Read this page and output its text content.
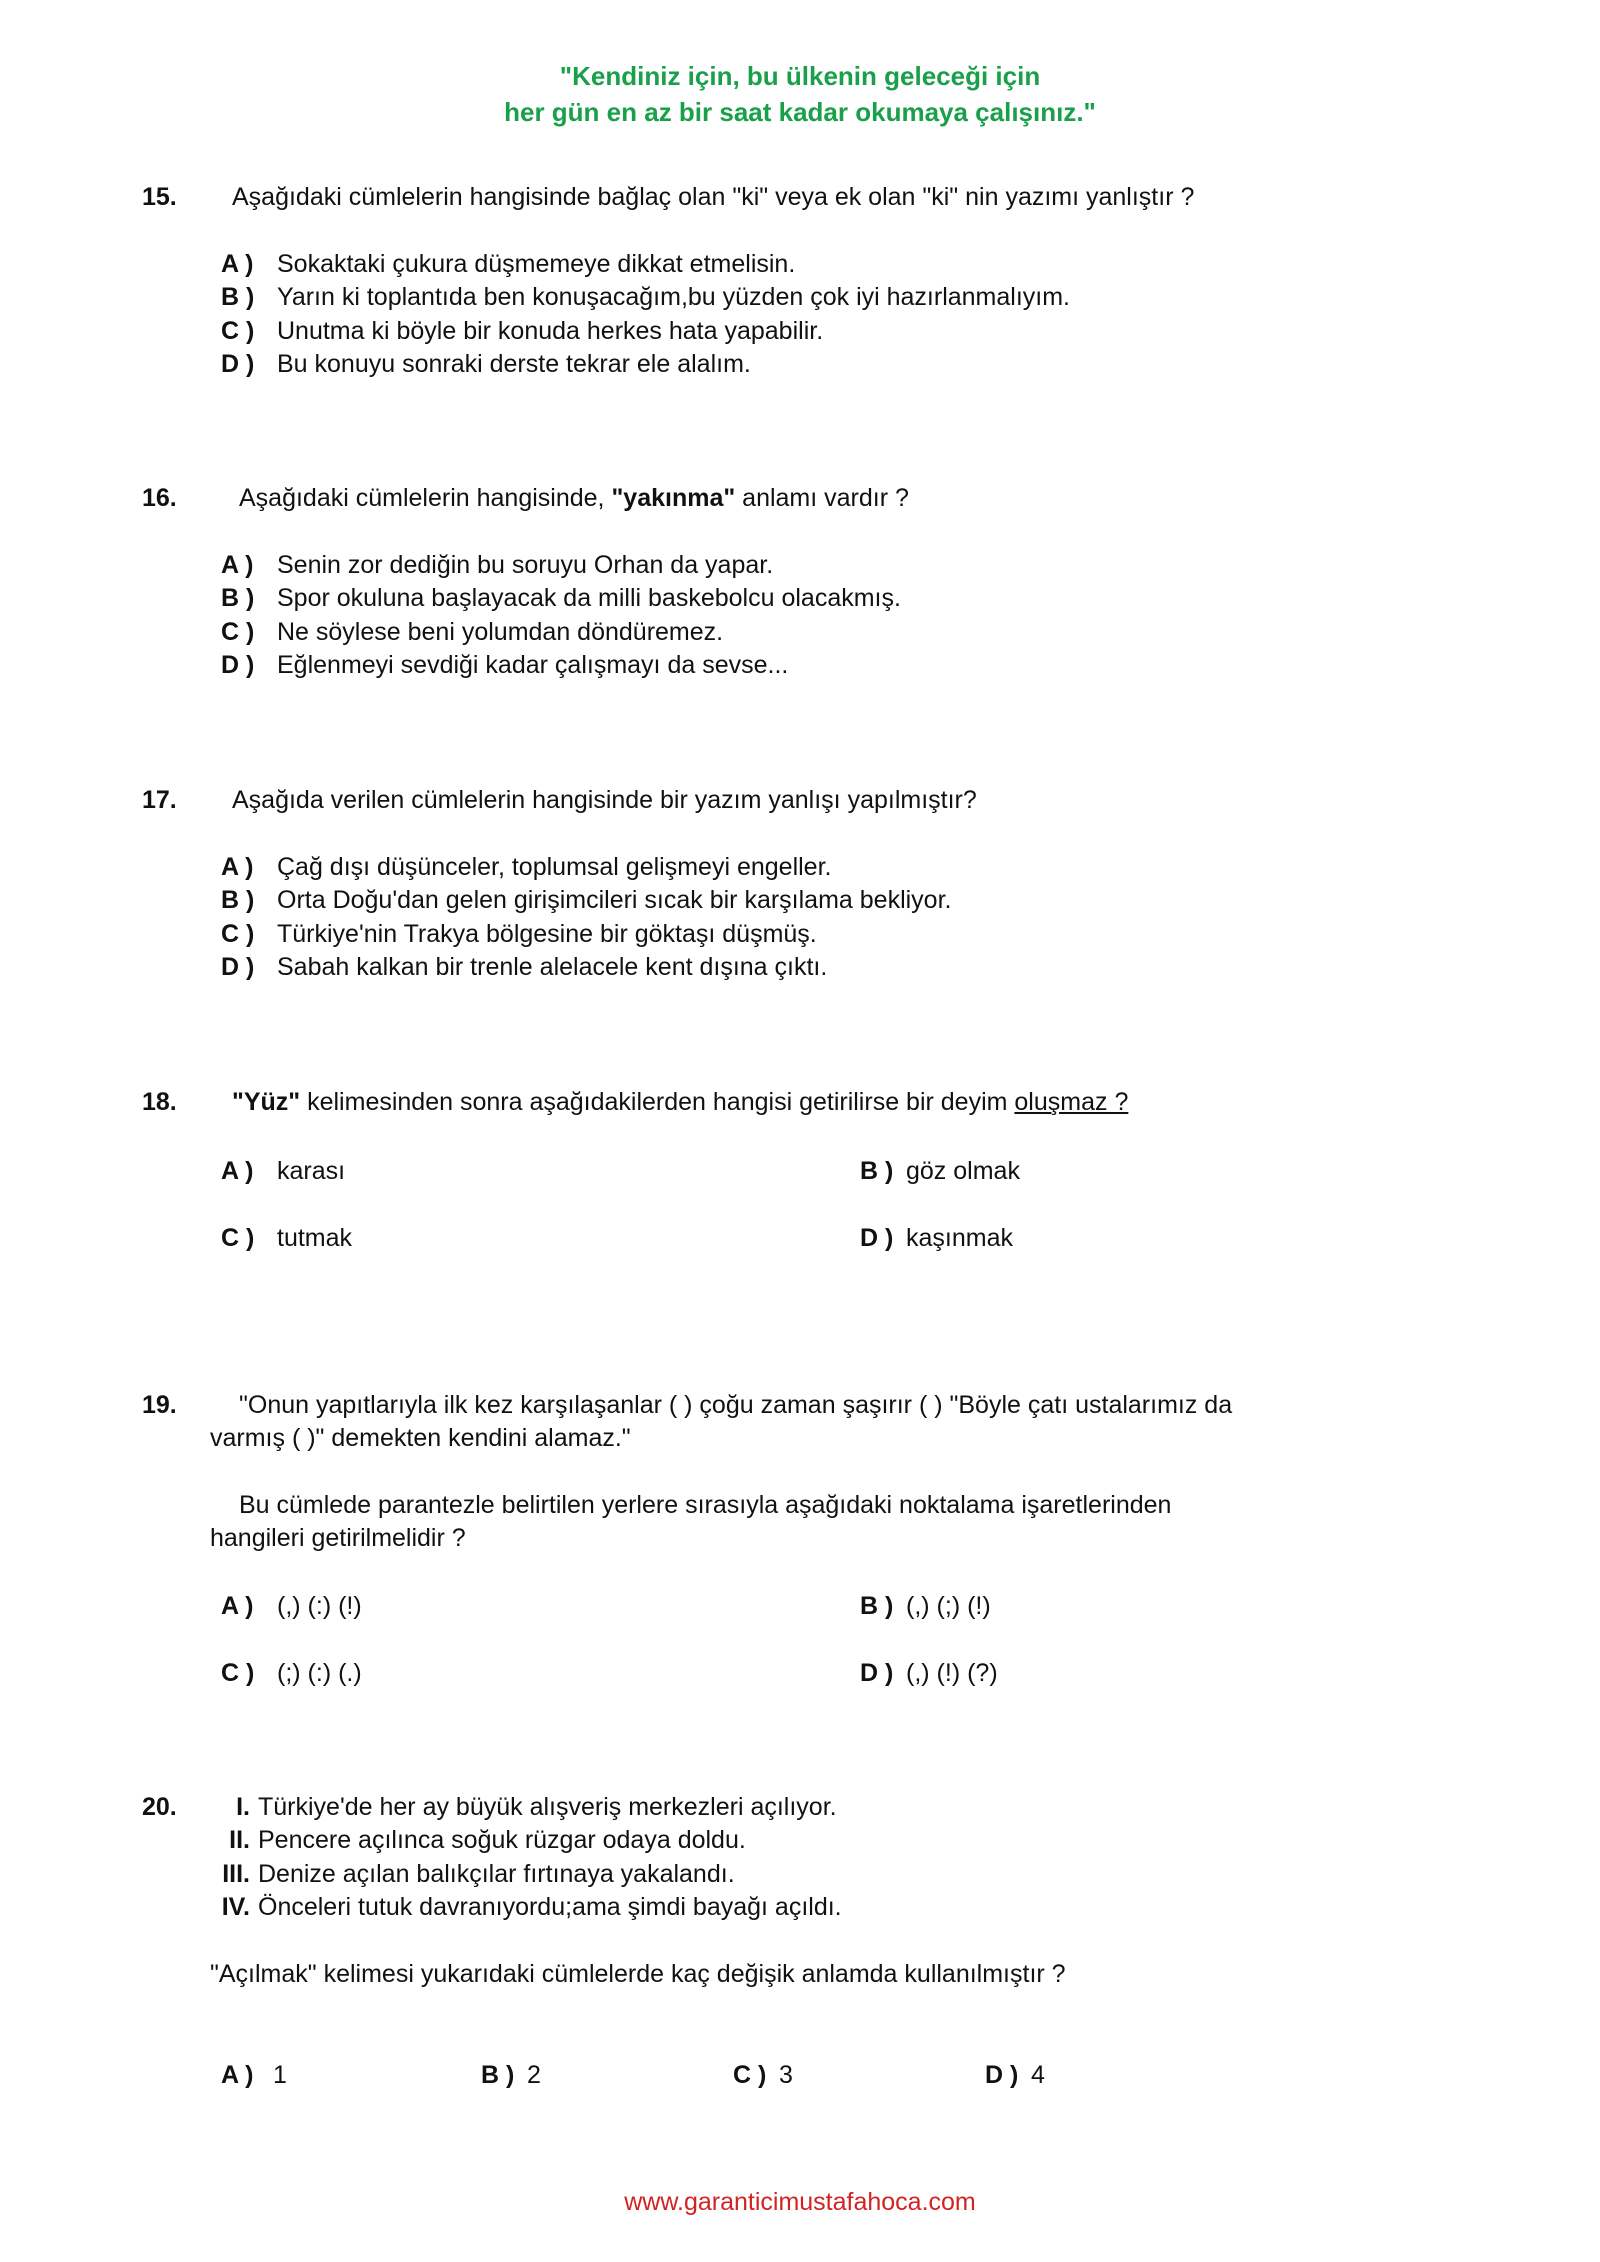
"Kendiniz için, bu ülkenin geleceği için
her gün en az bir saat kadar okumaya çalışınız."
15. Aşağıdaki cümlelerin hangisinde bağlaç olan "ki" veya ek olan "ki" nin yazımı yanlıştır ?
A ) Sokaktaki çukura düşmemeye dikkat etmelisin.
B ) Yarın ki toplantıda ben konuşacağım,bu yüzden çok iyi hazırlanmalıyım.
C ) Unutma ki böyle bir konuda herkes hata yapabilir.
D ) Bu konuyu sonraki derste tekrar ele alalım.
16. Aşağıdaki cümlelerin hangisinde, "yakınma" anlamı vardır ?
A ) Senin zor dediğin bu soruyu Orhan da yapar.
B ) Spor okuluna başlayacak da milli baskebolcu olacakmış.
C ) Ne söylese beni yolumdan döndüremez.
D ) Eğlenmeyi sevdiği kadar çalışmayı da sevse...
17. Aşağıda verilen cümlelerin hangisinde bir yazım yanlışı yapılmıştır?
A ) Çağ dışı düşünceler, toplumsal gelişmeyi engeller.
B ) Orta Doğu'dan gelen girişimcileri sıcak bir karşılama bekliyor.
C ) Türkiye'nin Trakya bölgesine bir göktaşı düşmüş.
D ) Sabah kalkan bir trenle alelacele kent dışına çıktı.
18. "Yüz" kelimesinden sonra aşağıdakilerden hangisi getirilirse bir deyim oluşmaz ?
A ) karası	B ) göz olmak
C ) tutmak	D ) kaşınmak
19. "Onun yapıtlarıyla ilk kez karşılaşanlar ( ) çoğu zaman şaşırır ( ) "Böyle çatı ustalarımız da
varmış ( )" demekten kendini alamaz."
Bu cümlede parantezle belirtilen yerlere sırasıyla aşağıdaki noktalama işaretlerinden
hangileri getirilmelidir ?
A ) (,) (:) (!)	B ) (,) (;) (!)
C ) (;) (:) (.)	D ) (,) (!) (?)
20.	I. Türkiye'de her ay büyük alışveriş merkezleri açılıyor.
II. Pencere açılınca soğuk rüzgar odaya doldu.
III. Denize açılan balıkçılar fırtınaya yakalandı.
IV. Önceleri tutuk davranıyordu;ama şimdi bayağı açıldı.
"Açılmak" kelimesi yukarıdaki cümlelerde kaç değişik anlamda kullanılmıştır ?
A ) 1	B ) 2	C ) 3	D ) 4
www.garanticimustafahoca.com
